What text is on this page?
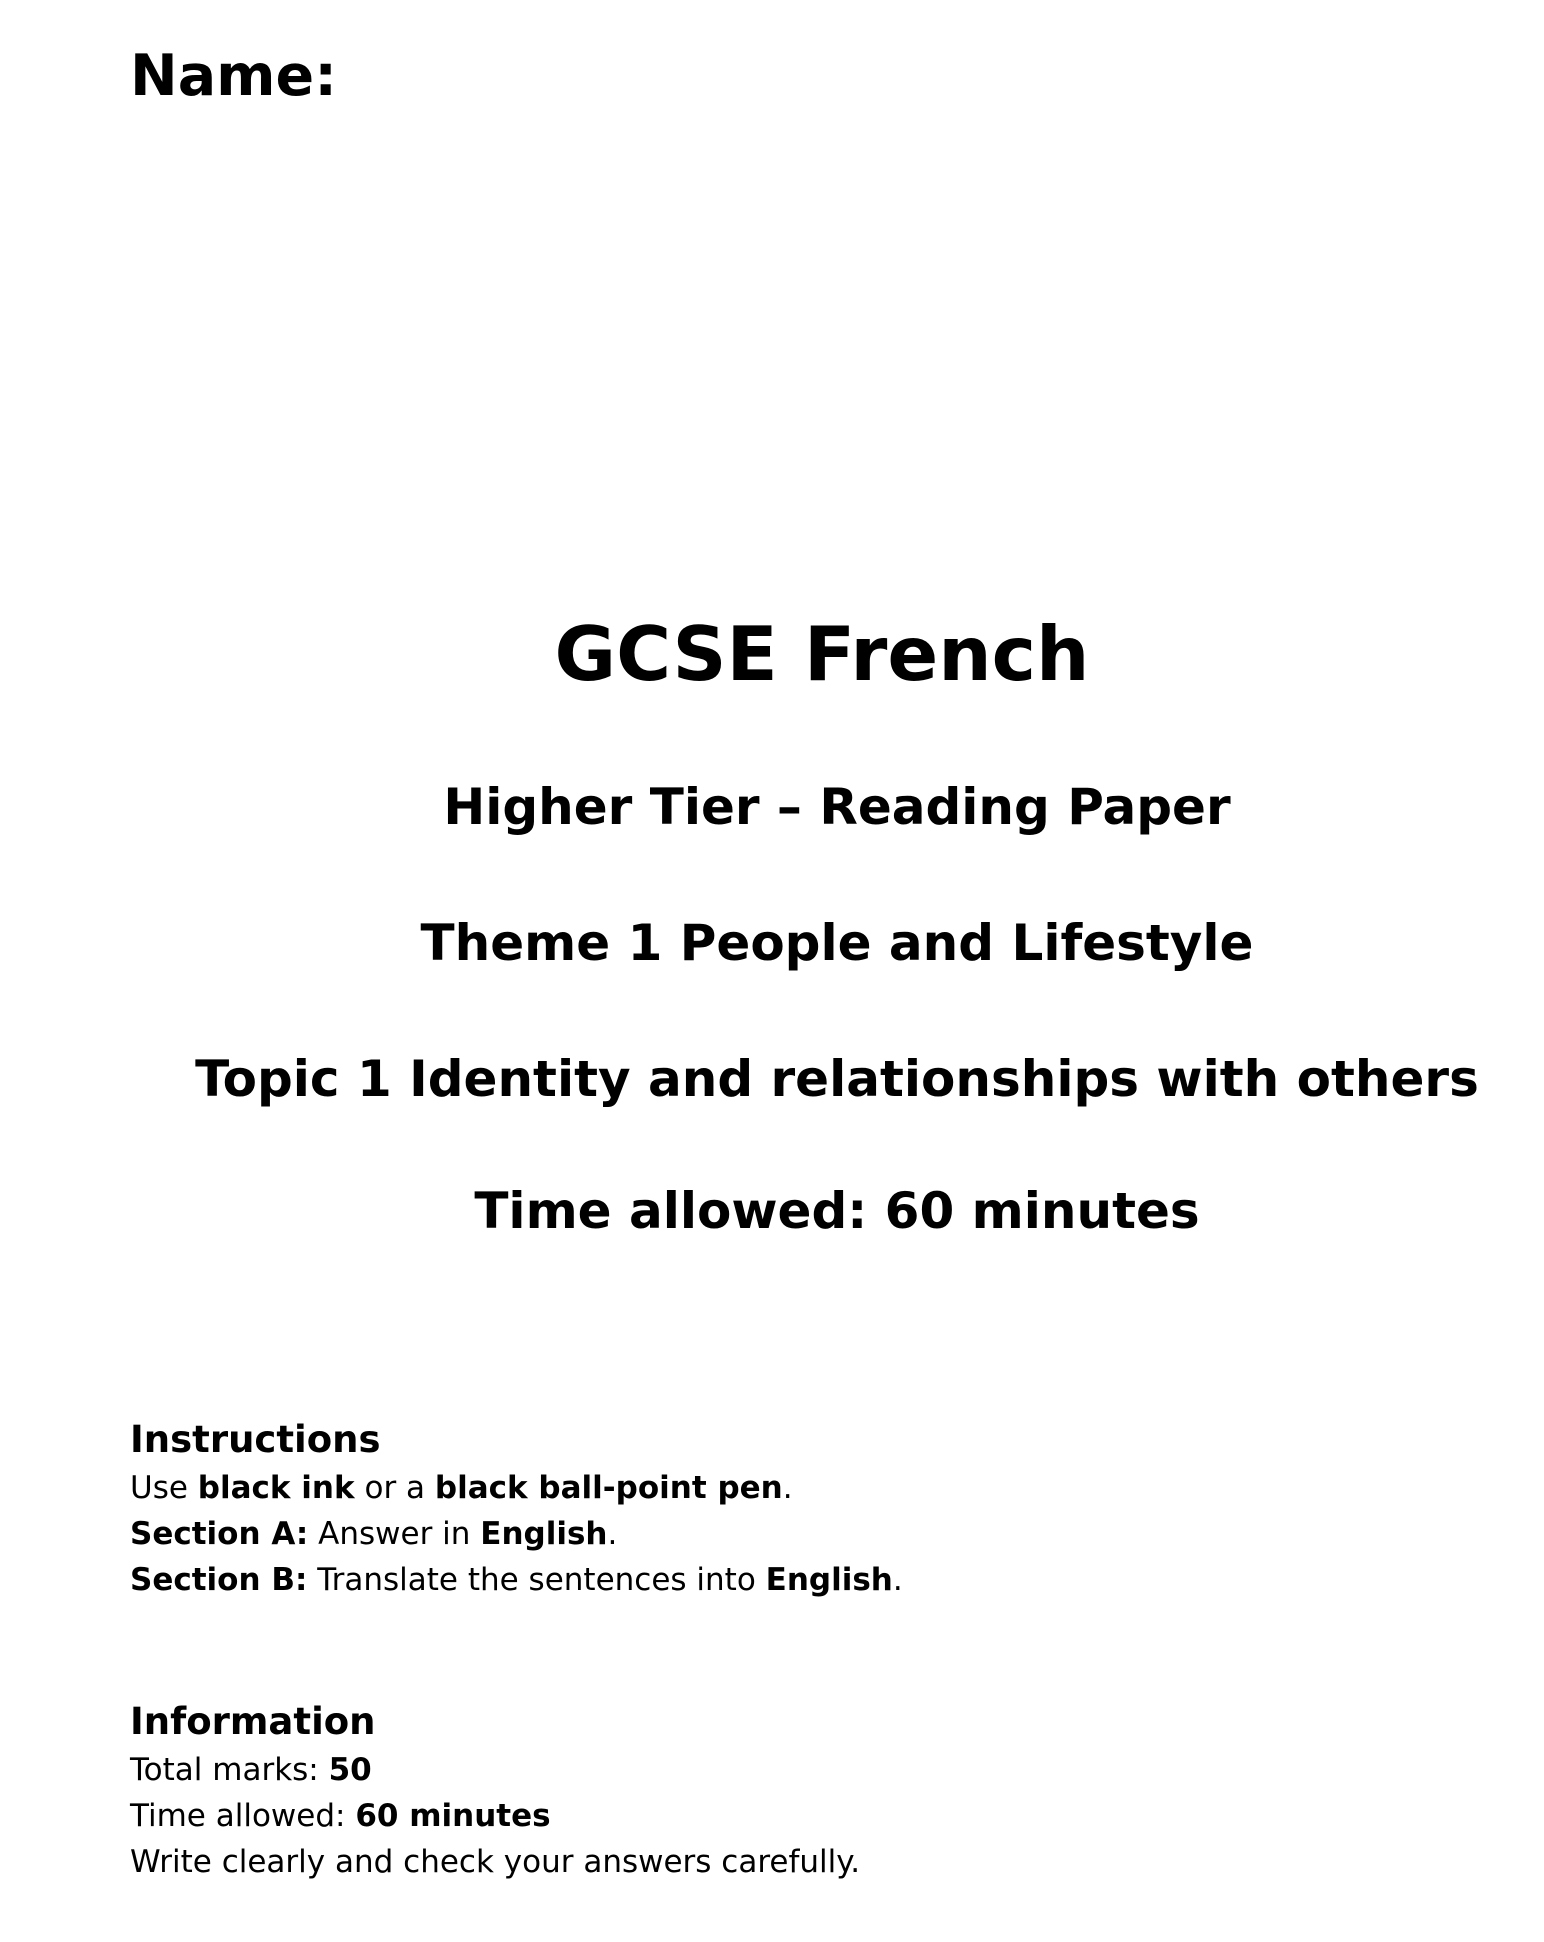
Name:

GCSE French

Higher Tier – Reading Paper

Theme 1 People and Lifestyle

Topic 1 Identity and relationships with others

Time allowed: 60 minutes

Instructions
Use black ink or a black ball-point pen.
Section A: Answer in English.
Section B: Translate the sentences into English.
Information
Total marks: 50
Time allowed: 60 minutes
Write clearly and check your answers carefully.
